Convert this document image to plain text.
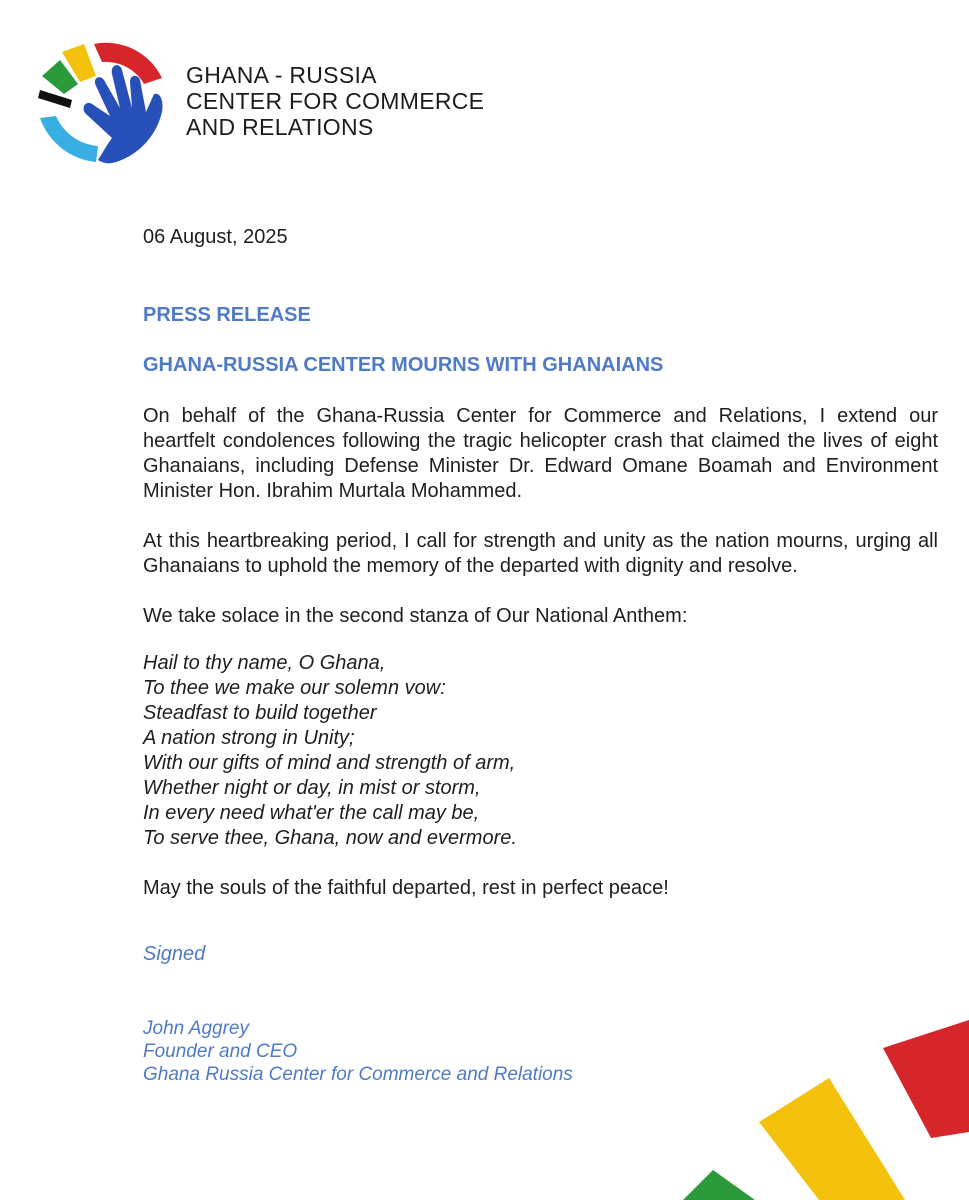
GHANA - RUSSIA
CENTER FOR COMMERCE
AND RELATIONS

06 August, 2025

PRESS RELEASE

GHANA-RUSSIA CENTER MOURNS WITH GHANAIANS

On behalf of the Ghana-Russia Center for Commerce and Relations, I extend our heartfelt condolences following the tragic helicopter crash that claimed the lives of eight Ghanaians, including Defense Minister Dr. Edward Omane Boamah and Environment Minister Hon. Ibrahim Murtala Mohammed.

At this heartbreaking period, I call for strength and unity as the nation mourns, urging all Ghanaians to uphold the memory of the departed with dignity and resolve.

We take solace in the second stanza of Our National Anthem:

Hail to thy name, O Ghana,
To thee we make our solemn vow:
Steadfast to build together
A nation strong in Unity;
With our gifts of mind and strength of arm,
Whether night or day, in mist or storm,
In every need what'er the call may be,
To serve thee, Ghana, now and evermore.

May the souls of the faithful departed, rest in perfect peace!

Signed
John Aggrey
Founder and CEO
Ghana Russia Center for Commerce and Relations
